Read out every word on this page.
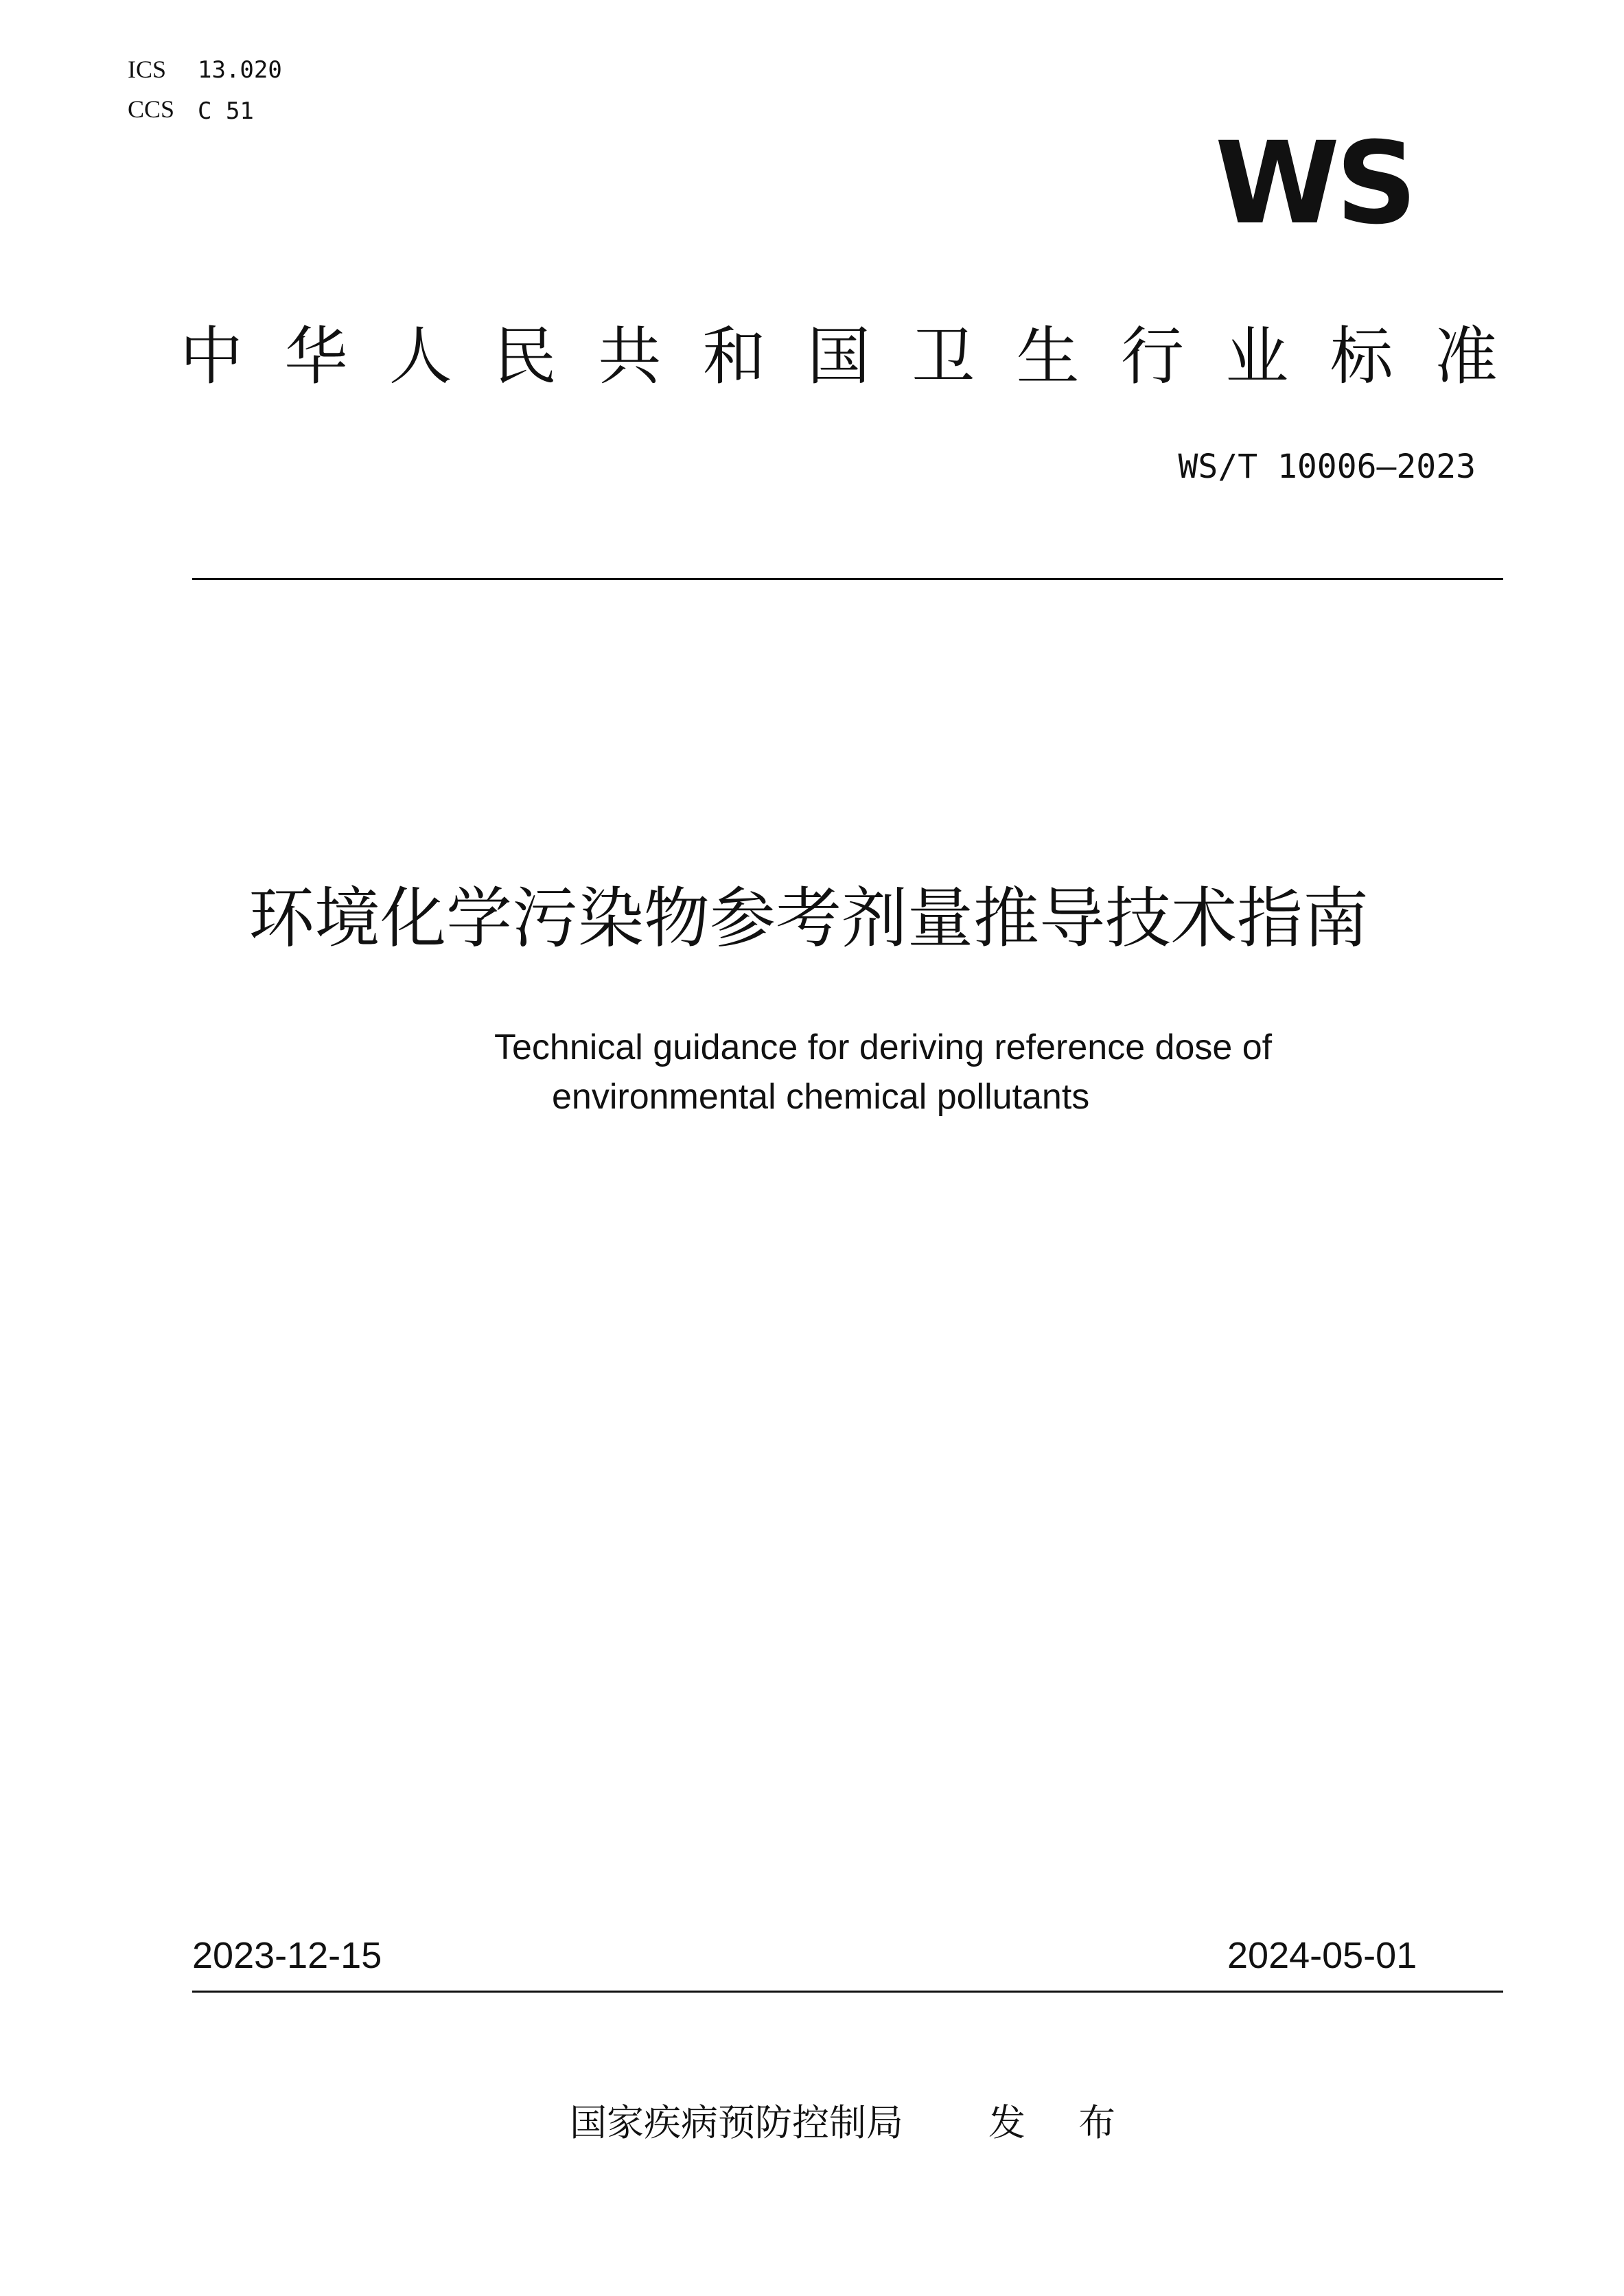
ICS 13.020
CCS C 51
WS
中 华 人 民 共 和 国 卫 生 行 业 标 准
WS/T 10006—2023
环境化学污染物参考剂量推导技术指南
Technical guidance for deriving reference dose of
environmental chemical pollutants
2023-12-15	2024-05-01
国家疾病预防控制局 发 布
